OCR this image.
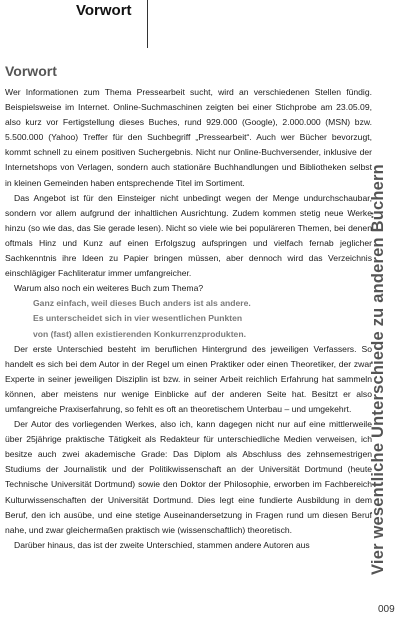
Vorwort
Vorwort

Wer Informationen zum Thema Pressearbeit sucht, wird an verschiedenen Stellen fündig. Beispielsweise im Internet. Online-Suchmaschinen zeigten bei einer Stichprobe am 23.05.09, also kurz vor Fertigstellung dieses Buches, rund 929.000 (Google), 2.000.000 (MSN) bzw. 5.500.000 (Yahoo) Treffer für den Suchbegriff „Pressearbeit“. Auch wer Bücher bevorzugt, kommt schnell zu einem positiven Suchergebnis. Nicht nur Online-Buchversender, inklusive der Internetshops von Verlagen, sondern auch stationäre Buchhandlungen und Bibliotheken selbst in kleinen Gemeinden haben entsprechende Titel im Sortiment.

Das Angebot ist für den Einsteiger nicht unbedingt wegen der Menge undurchschaubar, sondern vor allem aufgrund der inhaltlichen Ausrichtung. Zudem kommen stetig neue Werke hinzu (so wie das, das Sie gerade lesen). Nicht so viele wie bei populäreren Themen, bei denen oftmals Hinz und Kunz auf einen Erfolgszug aufspringen und vielfach fernab jeglicher Sachkenntnis ihre Ideen zu Papier bringen müssen, aber dennoch wird das Verzeichnis einschlägiger Fachliteratur immer umfangreicher.

Warum also noch ein weiteres Buch zum Thema?

Ganz einfach, weil dieses Buch anders ist als andere.

Es unterscheidet sich in vier wesentlichen Punkten

von (fast) allen existierenden Konkurrenzprodukten.

Der erste Unterschied besteht im beruflichen Hintergrund des jeweiligen Verfassers. So handelt es sich bei dem Autor in der Regel um einen Praktiker oder einen Theoretiker, der zwar Experte in seiner jeweiligen Disziplin ist bzw. in seiner Arbeit reichlich Erfahrung hat sammeln können, aber meistens nur wenige Einblicke auf der anderen Seite hat. Besitzt er also umfangreiche Praxiserfahrung, so fehlt es oft an theoretischem Unterbau – und umgekehrt.

Der Autor des vorliegenden Werkes, also ich, kann dagegen nicht nur auf eine mittlerweile über 25jährige praktische Tätigkeit als Redakteur für unterschiedliche Medien verweisen, ich besitze auch zwei akademische Grade: Das Diplom als Abschluss des zehnsemestrigen Studiums der Journalistik und der Politikwissenschaft an der Universität Dortmund (heute Technische Universität Dortmund) sowie den Doktor der Philosophie, erworben im Fachbereich Kulturwissenschaften der Universität Dortmund. Dies legt eine fundierte Ausbildung in dem Beruf, den ich ausübe, und eine stetige Auseinandersetzung in Fragen rund um diesen Beruf nahe, und zwar gleichermaßen praktisch wie (wissenschaftlich) theoretisch.

Darüber hinaus, das ist der zweite Unterschied, stammen andere Autoren aus	Vier wesentliche Unterschiede zu anderen Büchern
009
